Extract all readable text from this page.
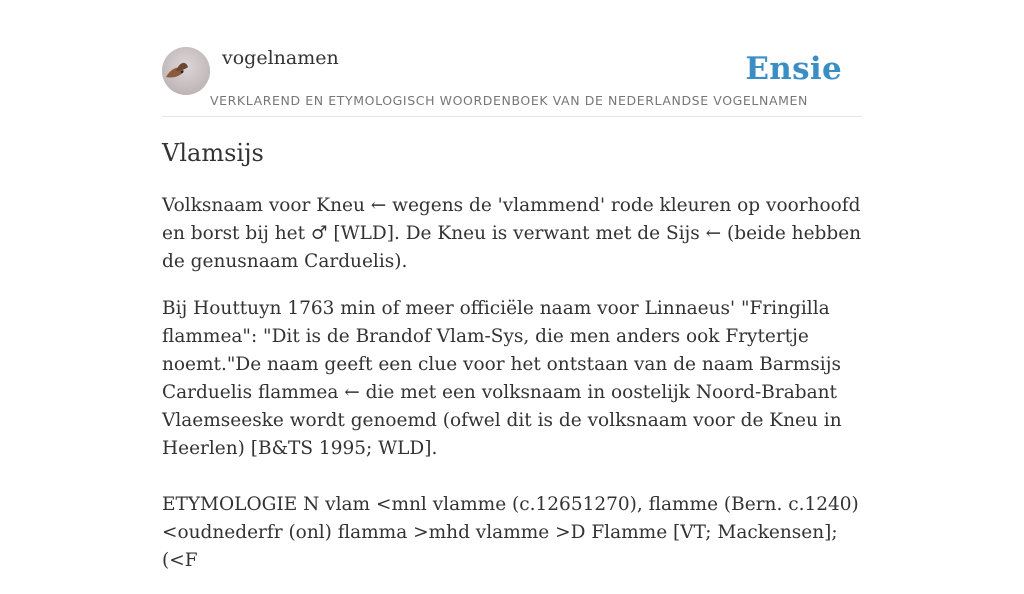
vogelnamen
VERKLAREND EN ETYMOLOGISCH WOORDENBOEK VAN DE NEDERLANDSE VOGELNAMEN
Ensie
Vlamsijs

Volksnaam voor Kneu ← wegens de 'vlammend' rode kleuren op voorhoofd en borst bij het ♂ [WLD]. De Kneu is verwant met de Sijs ← (beide hebben de genusnaam Carduelis).

Bij Houttuyn 1763 min of meer officiële naam voor Linnaeus' "Fringilla flammea": "Dit is de Brandof Vlam-Sys, die men anders ook Frytertje noemt."De naam geeft een clue voor het ontstaan van de naam Barmsijs Carduelis flammea ← die met een volksnaam in oostelijk Noord-Brabant Vlaemseeske wordt genoemd (ofwel dit is de volksnaam voor de Kneu in Heerlen) [B&TS 1995; WLD].

ETYMOLOGIE N vlam <mnl vlamme (c.12651270), flamme (Bern. c.1240) <oudnederfr (onl) flamma >mhd vlamme >D Flamme [VT; Mackensen]; (<F
